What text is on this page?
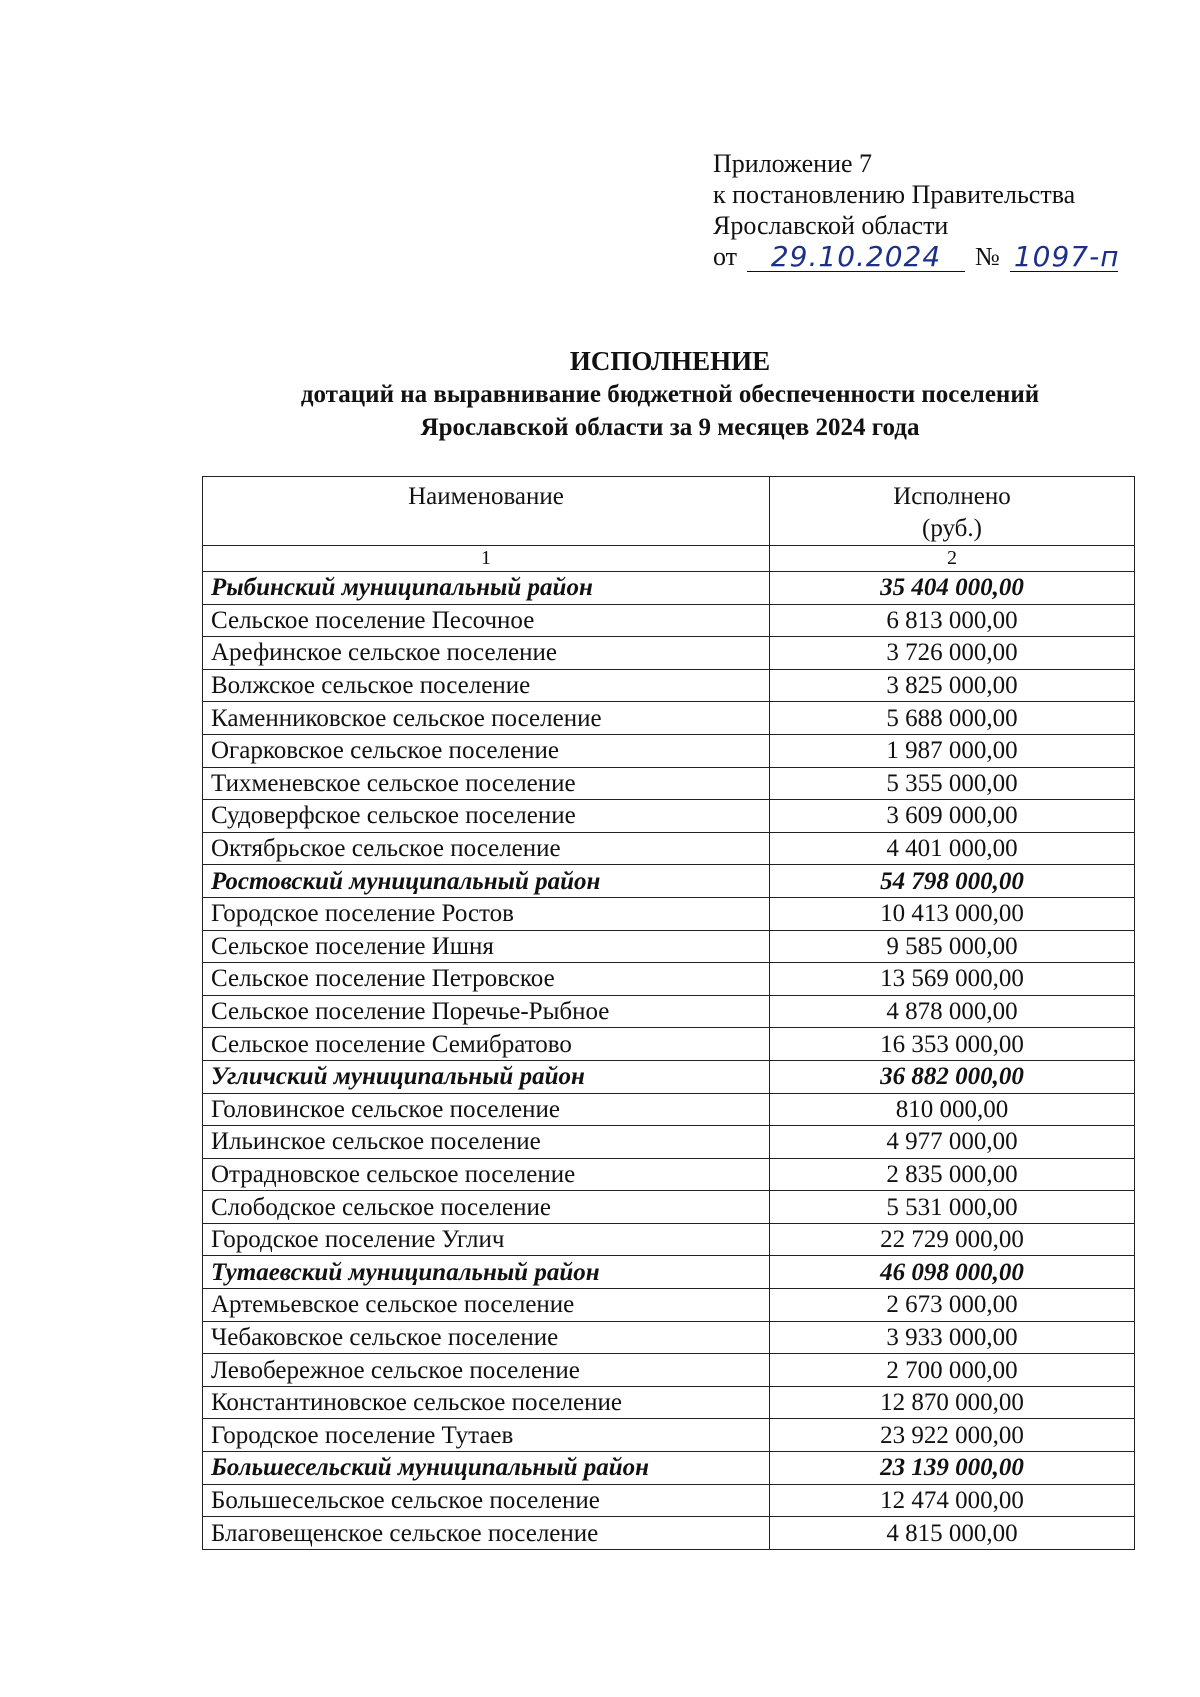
Приложение 7
к постановлению Правительства
Ярославской области
от	29.10.2024	№ 1097-п
ИСПОЛНЕНИЕ
дотаций на выравнивание бюджетной обеспеченности поселений
Ярославской области за 9 месяцев 2024 года
Наименование	Исполнено
(руб.)

1	2
Рыбинский муниципальный район	35 404 000,00
Сельское поселение Песочное	6 813 000,00
Арефинское сельское поселение	3 726 000,00
Волжское сельское поселение	3 825 000,00
Каменниковское сельское поселение	5 688 000,00
Огарковское сельское поселение	1 987 000,00
Тихменевское сельское поселение	5 355 000,00
Судоверфское сельское поселение	3 609 000,00
Октябрьское сельское поселение	4 401 000,00
Ростовский муниципальный район	54 798 000,00
Городское поселение Ростов	10 413 000,00
Сельское поселение Ишня	9 585 000,00
Сельское поселение Петровское	13 569 000,00
Сельское поселение Поречье-Рыбное	4 878 000,00
Сельское поселение Семибратово	16 353 000,00
Угличский муниципальный район	36 882 000,00
Головинское сельское поселение	810 000,00
Ильинское сельское поселение	4 977 000,00
Отрадновское сельское поселение	2 835 000,00
Слободское сельское поселение	5 531 000,00
Городское поселение Углич	22 729 000,00
Тутаевский муниципальный район	46 098 000,00
Артемьевское сельское поселение	2 673 000,00
Чебаковское сельское поселение	3 933 000,00
Левобережное сельское поселение	2 700 000,00
Константиновское сельское поселение	12 870 000,00
Городское поселение Тутаев	23 922 000,00
Большесельский муниципальный район	23 139 000,00
Большесельское сельское поселение	12 474 000,00
Благовещенское сельское поселение	4 815 000,00
